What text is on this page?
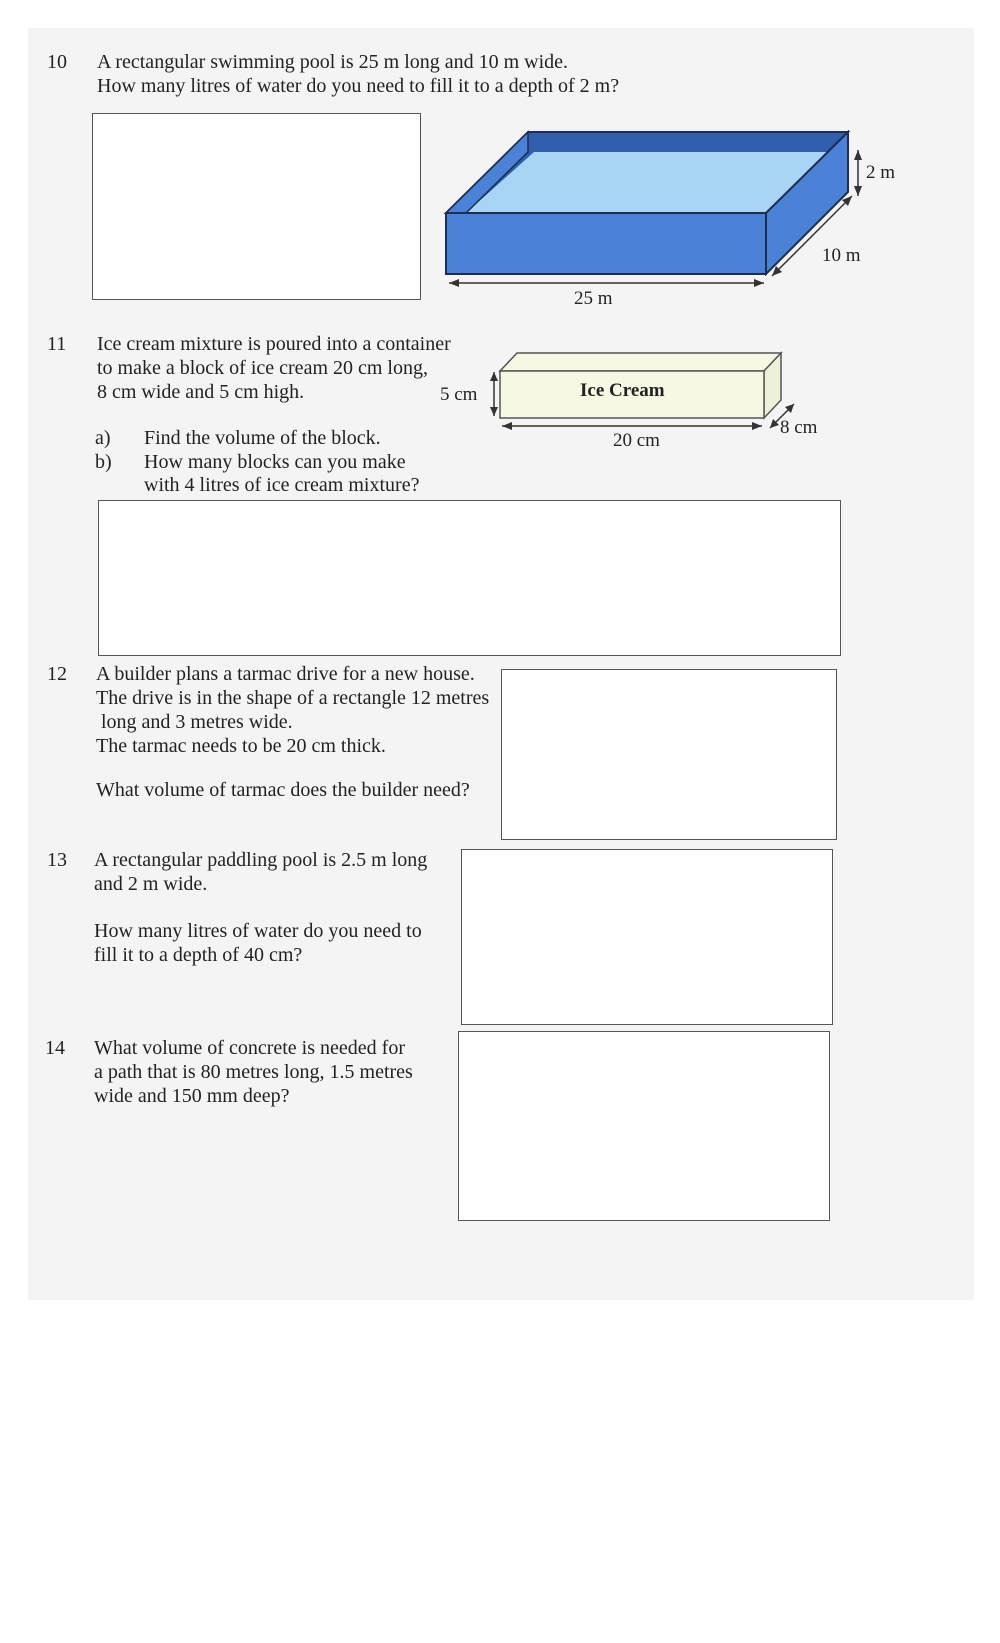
10 A rectangular swimming pool is 25 m long and 10 m wide.
How many litres of water do you need to fill it to a depth of 2 m?
25 m
10 m
2 m
11 Ice cream mixture is poured into a container
to make a block of ice cream 20 cm long,
8 cm wide and 5 cm high.
a) Find the volume of the block.
b) How many blocks can you make
with 4 litres of ice cream mixture?
Ice Cream
5 cm
20 cm
8 cm
12 A builder plans a tarmac drive for a new house.
The drive is in the shape of a rectangle 12 metres
long and 3 metres wide.
The tarmac needs to be 20 cm thick.
What volume of tarmac does the builder need?
13 A rectangular paddling pool is 2.5 m long
and 2 m wide.
How many litres of water do you need to
fill it to a depth of 40 cm?
14 What volume of concrete is needed for
a path that is 80 metres long, 1.5 metres
wide and 150 mm deep?
